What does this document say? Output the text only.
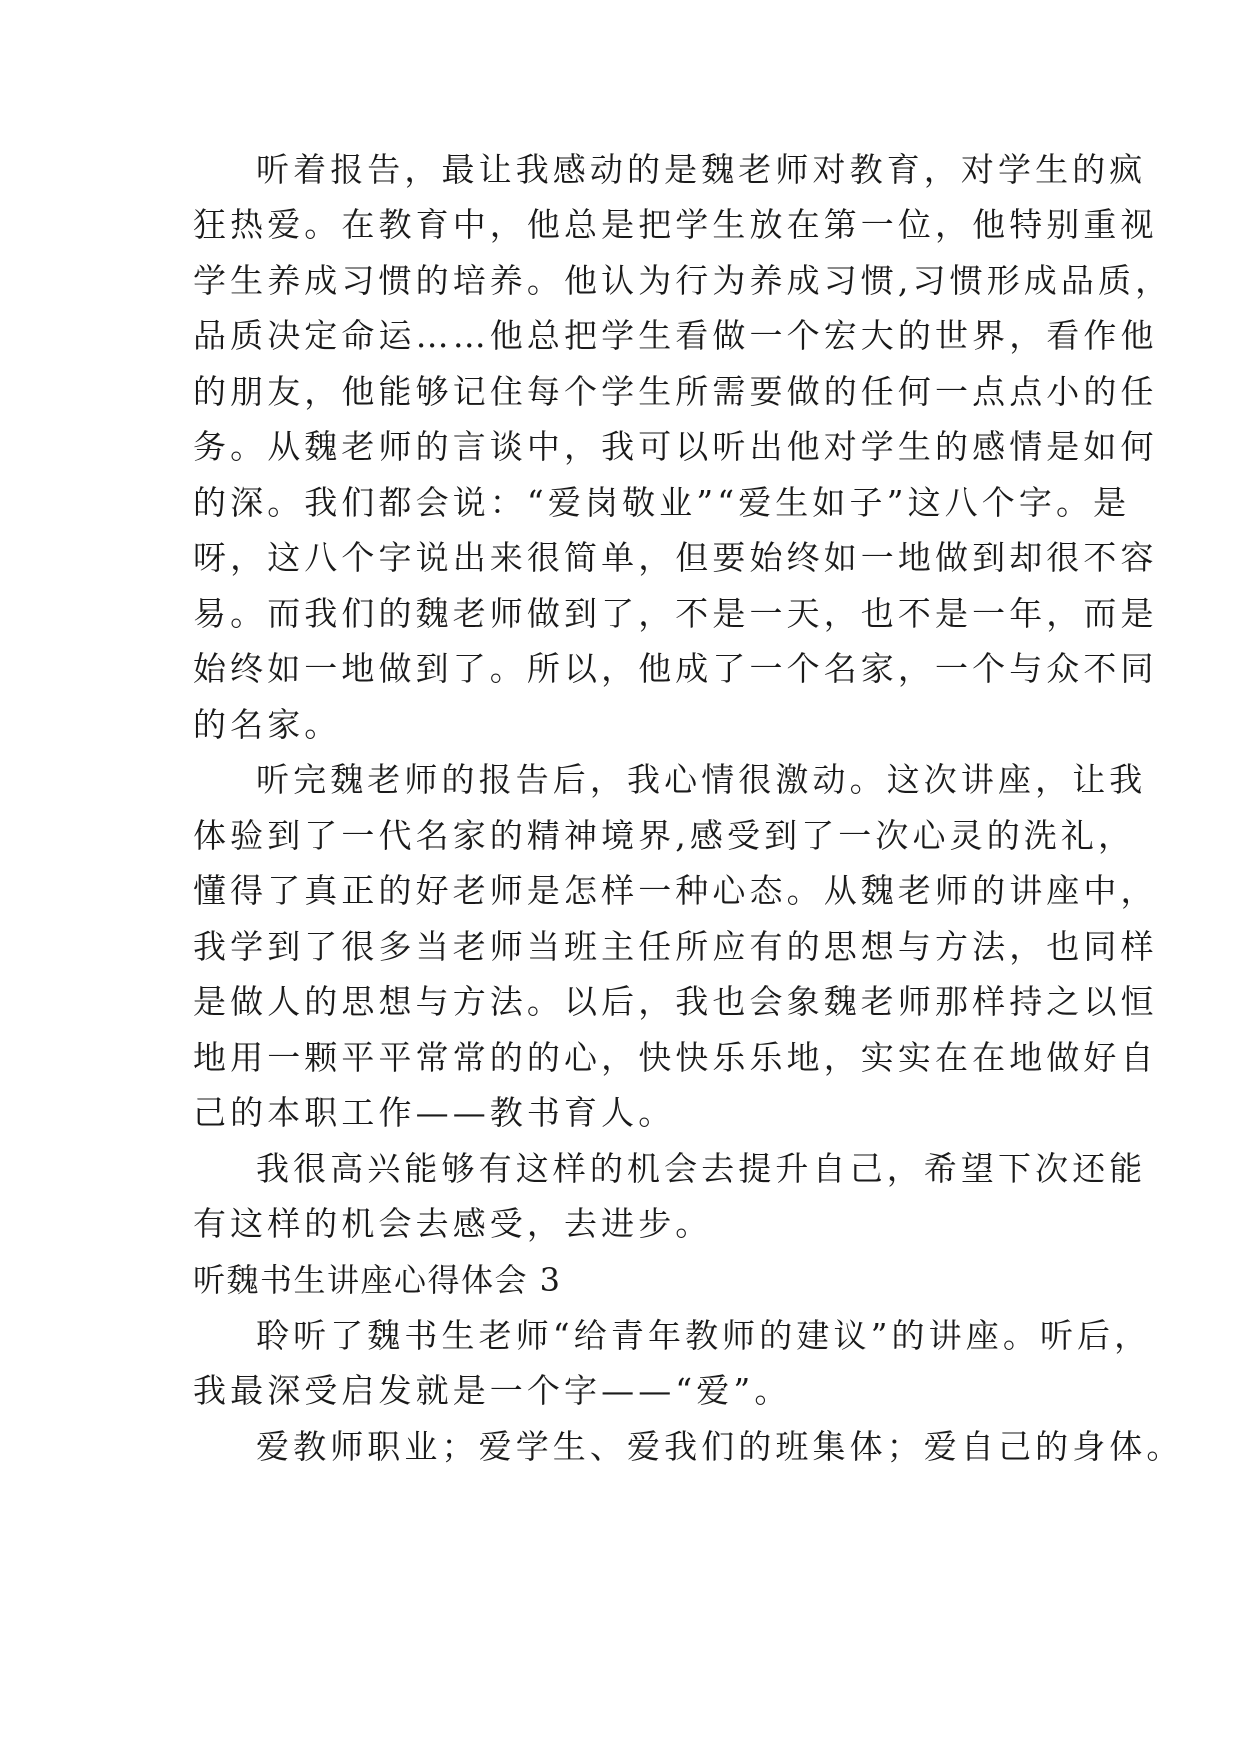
听着报告，最让我感动的是魏老师对教育，对学生的疯
狂热爱。在教育中，他总是把学生放在第一位，他特别重视
学生养成习惯的培养。他认为行为养成习惯,习惯形成品质，
品质决定命运……他总把学生看做一个宏大的世界，看作他
的朋友，他能够记住每个学生所需要做的任何一点点小的任
务。从魏老师的言谈中，我可以听出他对学生的感情是如何
的深。我们都会说：“爱岗敬业”“爱生如子”这八个字。是
呀，这八个字说出来很简单，但要始终如一地做到却很不容
易。而我们的魏老师做到了，不是一天，也不是一年，而是
始终如一地做到了。所以，他成了一个名家，一个与众不同
的名家。
听完魏老师的报告后，我心情很激动。这次讲座，让我
体验到了一代名家的精神境界,感受到了一次心灵的洗礼，
懂得了真正的好老师是怎样一种心态。从魏老师的讲座中，
我学到了很多当老师当班主任所应有的思想与方法，也同样
是做人的思想与方法。以后，我也会象魏老师那样持之以恒
地用一颗平平常常的的心，快快乐乐地，实实在在地做好自
己的本职工作——教书育人。
我很高兴能够有这样的机会去提升自己，希望下次还能
有这样的机会去感受，去进步。
听魏书生讲座心得体会 3
聆听了魏书生老师“给青年教师的建议”的讲座。听后，
我最深受启发就是一个字——“爱”。
爱教师职业；爱学生、爱我们的班集体；爱自己的身体。
